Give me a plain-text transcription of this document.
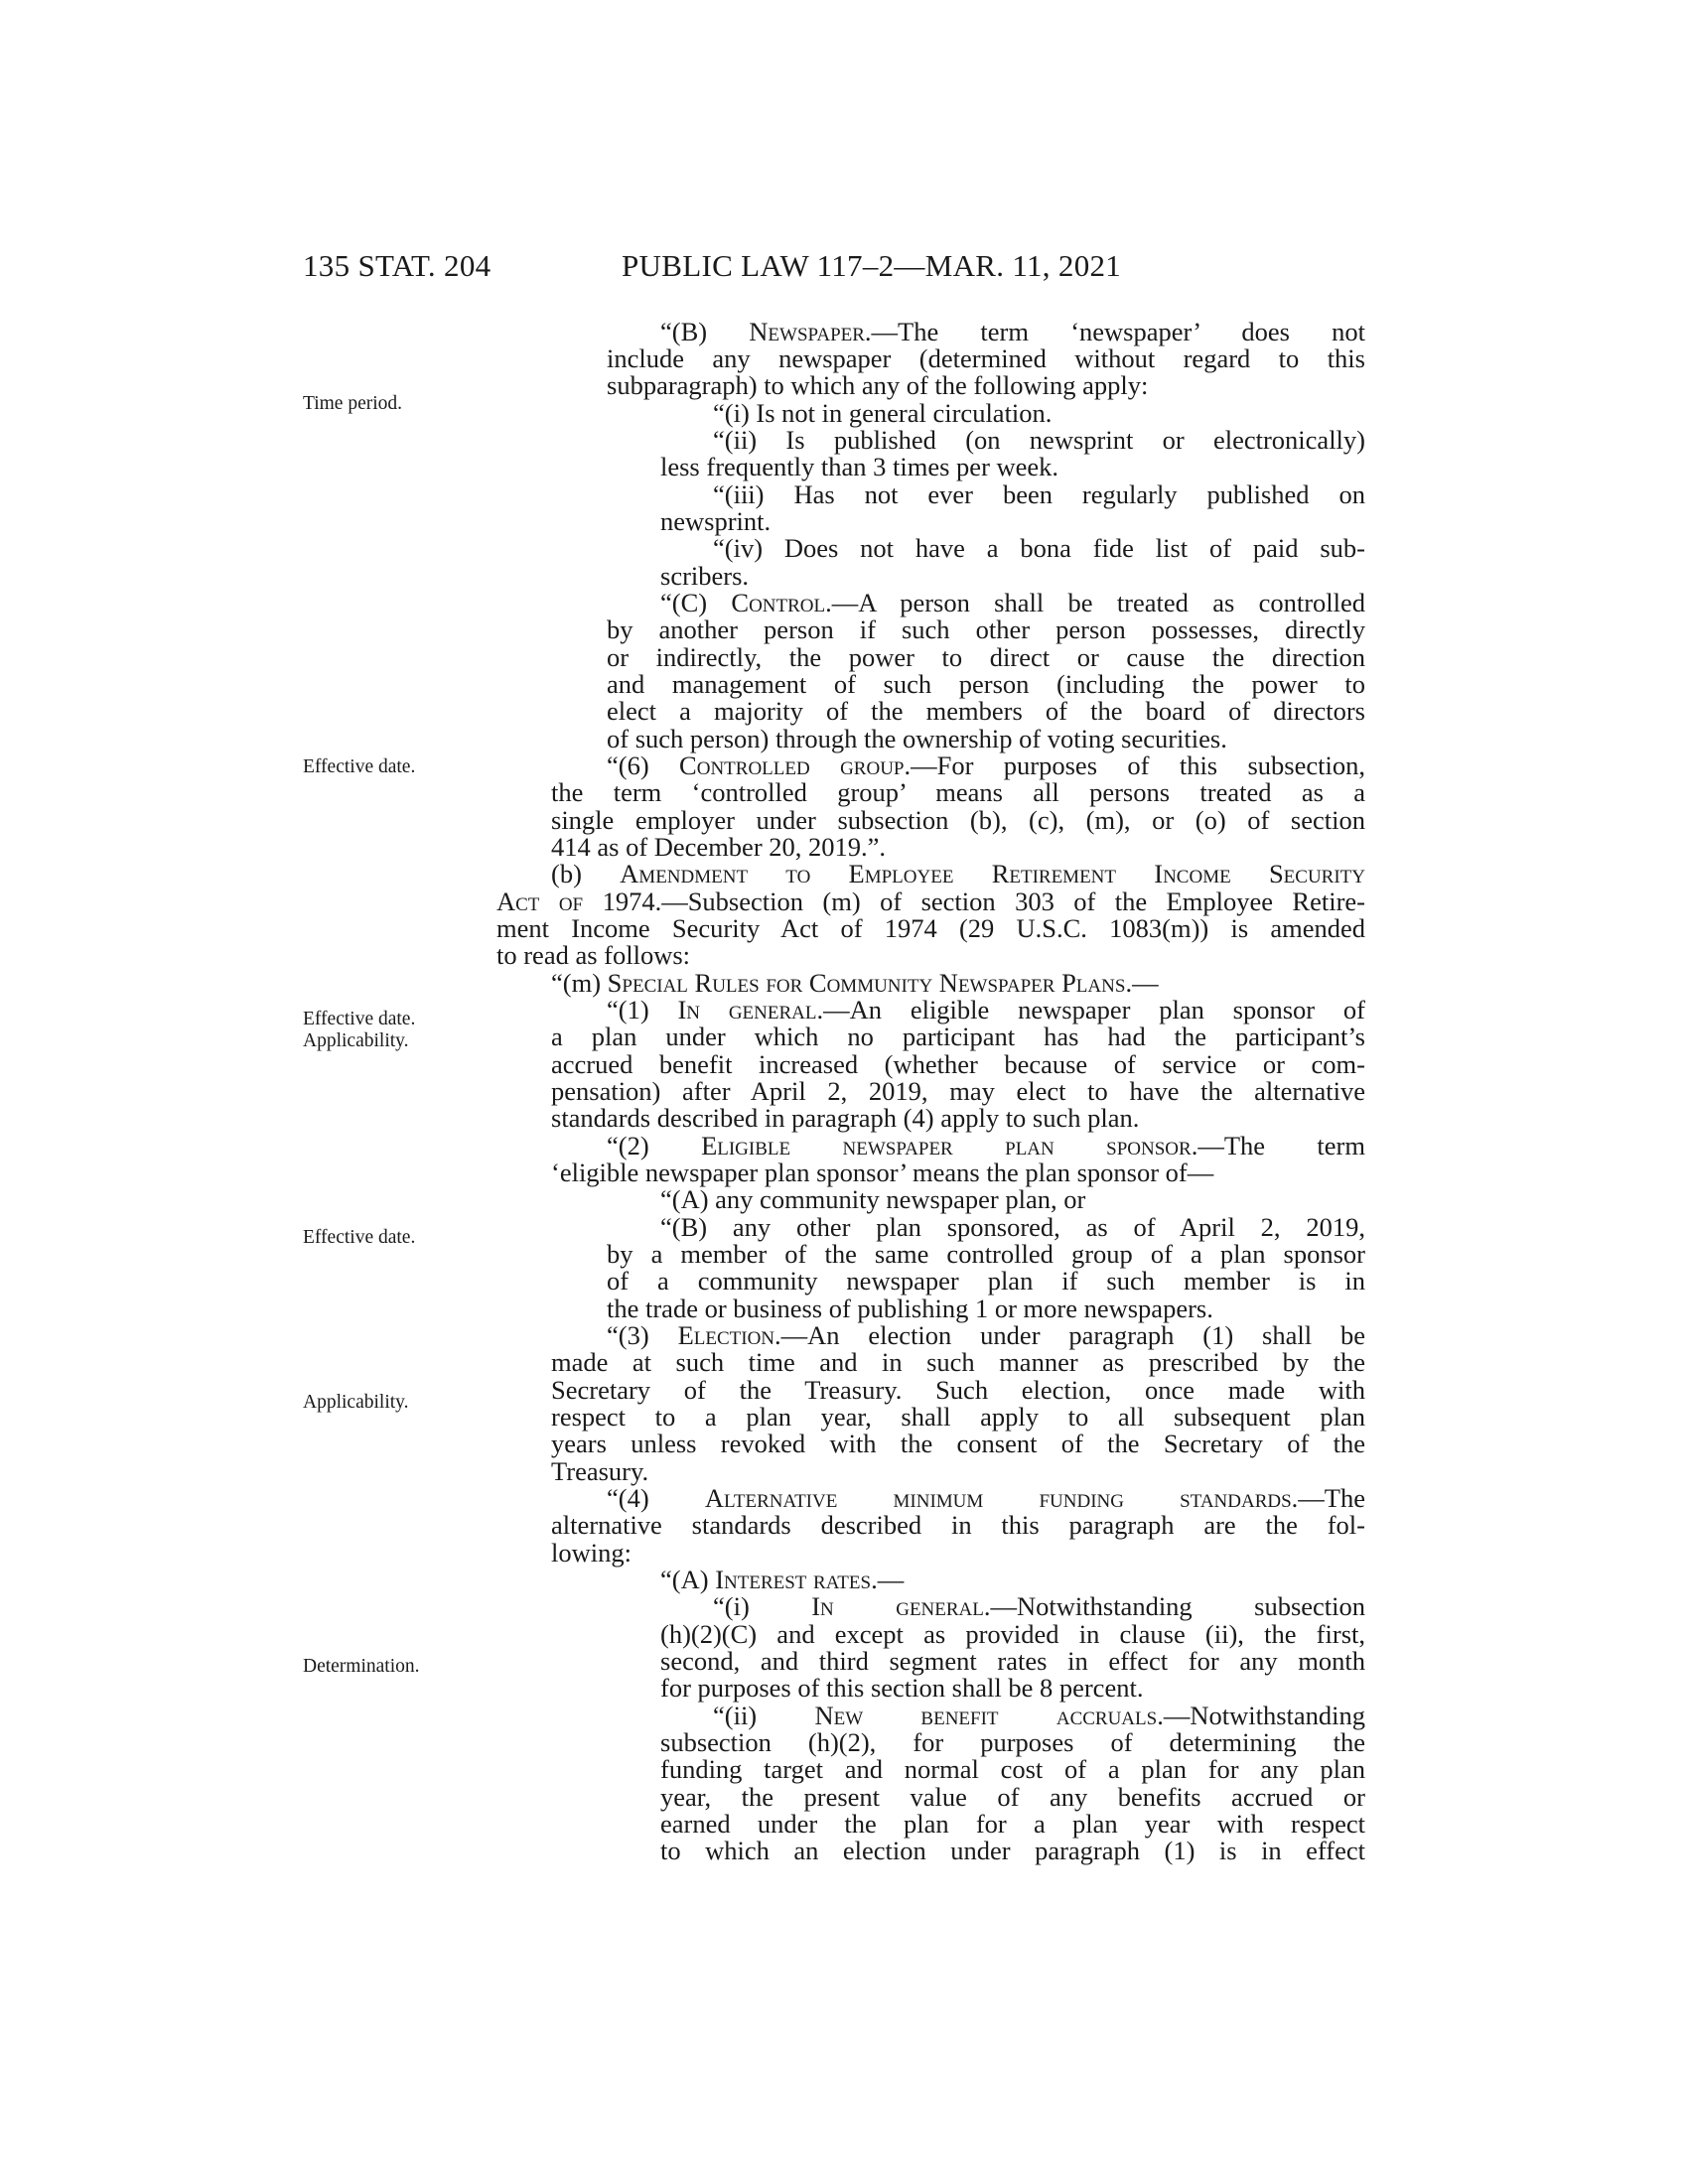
135 STAT. 204	PUBLIC LAW 117–2—MAR. 11, 2021
Time period.
Effective date.
Effective date.
Applicability.
Effective date.
Applicability.
Determination.
“(B) Newspaper.—The term ‘newspaper’ does not
include any newspaper (determined without regard to this
subparagraph) to which any of the following apply:
“(i) Is not in general circulation.
“(ii) Is published (on newsprint or electronically)
less frequently than 3 times per week.
“(iii) Has not ever been regularly published on
newsprint.
“(iv) Does not have a bona fide list of paid sub-
scribers.
“(C) Control.—A person shall be treated as controlled
by another person if such other person possesses, directly
or indirectly, the power to direct or cause the direction
and management of such person (including the power to
elect a majority of the members of the board of directors
of such person) through the ownership of voting securities.
“(6) Controlled group.—For purposes of this subsection,
the term ‘controlled group’ means all persons treated as a
single employer under subsection (b), (c), (m), or (o) of section
414 as of December 20, 2019.”.
(b) Amendment to Employee Retirement Income Security
Act of 1974.—Subsection (m) of section 303 of the Employee Retire-
ment Income Security Act of 1974 (29 U.S.C. 1083(m)) is amended
to read as follows:
“(m) Special Rules for Community Newspaper Plans.—
“(1) In general.—An eligible newspaper plan sponsor of
a plan under which no participant has had the participant’s
accrued benefit increased (whether because of service or com-
pensation) after April 2, 2019, may elect to have the alternative
standards described in paragraph (4) apply to such plan.
“(2) Eligible newspaper plan sponsor.—The term
‘eligible newspaper plan sponsor’ means the plan sponsor of—
“(A) any community newspaper plan, or
“(B) any other plan sponsored, as of April 2, 2019,
by a member of the same controlled group of a plan sponsor
of a community newspaper plan if such member is in
the trade or business of publishing 1 or more newspapers.
“(3) Election.—An election under paragraph (1) shall be
made at such time and in such manner as prescribed by the
Secretary of the Treasury. Such election, once made with
respect to a plan year, shall apply to all subsequent plan
years unless revoked with the consent of the Secretary of the
Treasury.
“(4) Alternative minimum funding standards.—The
alternative standards described in this paragraph are the fol-
lowing:
“(A) Interest rates.—
“(i) In general.—Notwithstanding subsection
(h)(2)(C) and except as provided in clause (ii), the first,
second, and third segment rates in effect for any month
for purposes of this section shall be 8 percent.
“(ii) New benefit accruals.—Notwithstanding
subsection (h)(2), for purposes of determining the
funding target and normal cost of a plan for any plan
year, the present value of any benefits accrued or
earned under the plan for a plan year with respect
to which an election under paragraph (1) is in effect
